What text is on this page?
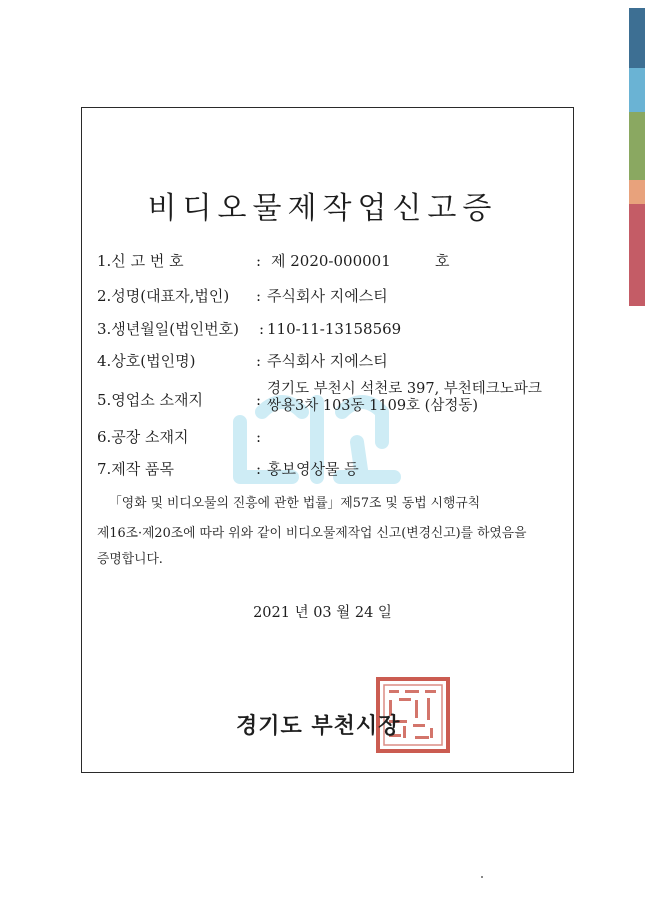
비디오물제작업신고증
1.신 고 번 호	: 제 2020-000001	호
2.성명(대표자,법인) : 주식회사 지에스티
3.생년월일(법인번호) : 110-11-13158569
4.상호(법인명)	: 주식회사 지에스티
5.영업소 소재지	:
경기도 부천시 석천로 397, 부천테크노파크
쌍용3차 103동 1109호 (삼정동)
6.공장 소재지	:
7.제작 품목	: 홍보영상물 등
「영화 및 비디오물의 진흥에 관한 법률」제57조 및 동법 시행규칙
제16조·제20조에 따라 위와 같이 비디오물제작업 신고(변경신고)를 하였음을
증명합니다.
2021 년 03 월 24 일
경기도 부천시장
